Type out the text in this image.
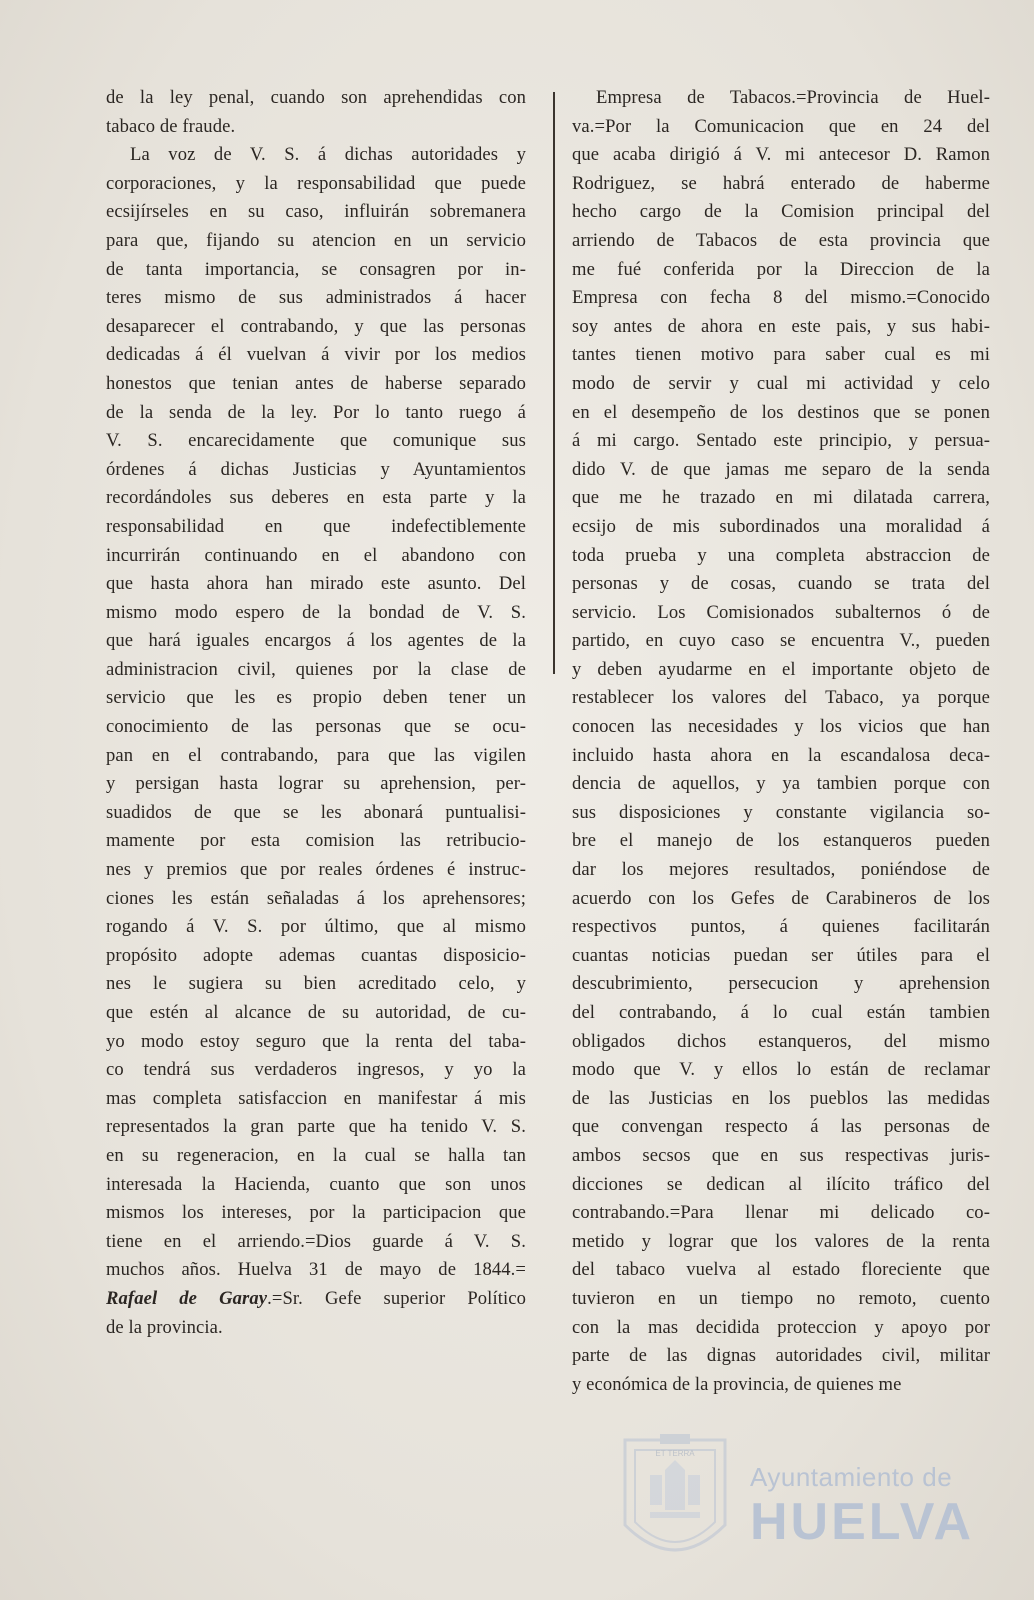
de la ley penal, cuando son aprehendidas con
tabaco de fraude.
La voz de V. S. á dichas autoridades y
corporaciones, y la responsabilidad que puede
ecsijírseles en su caso, influirán sobremanera
para que, fijando su atencion en un servicio
de tanta importancia, se consagren por in-
teres mismo de sus administrados á hacer
desaparecer el contrabando, y que las personas
dedicadas á él vuelvan á vivir por los medios
honestos que tenian antes de haberse separado
de la senda de la ley. Por lo tanto ruego á
V. S. encarecidamente que comunique sus
órdenes á dichas Justicias y Ayuntamientos
recordándoles sus deberes en esta parte y la
responsabilidad en que indefectiblemente
incurrirán continuando en el abandono con
que hasta ahora han mirado este asunto. Del
mismo modo espero de la bondad de V. S.
que hará iguales encargos á los agentes de la
administracion civil, quienes por la clase de
servicio que les es propio deben tener un
conocimiento de las personas que se ocu-
pan en el contrabando, para que las vigilen
y persigan hasta lograr su aprehension, per-
suadidos de que se les abonará puntualisi-
mamente por esta comision las retribucio-
nes y premios que por reales órdenes é instruc-
ciones les están señaladas á los aprehensores;
rogando á V. S. por último, que al mismo
propósito adopte ademas cuantas disposicio-
nes le sugiera su bien acreditado celo, y
que estén al alcance de su autoridad, de cu-
yo modo estoy seguro que la renta del taba-
co tendrá sus verdaderos ingresos, y yo la
mas completa satisfaccion en manifestar á mis
representados la gran parte que ha tenido V. S.
en su regeneracion, en la cual se halla tan
interesada la Hacienda, cuanto que son unos
mismos los intereses, por la participacion que
tiene en el arriendo.=Dios guarde á V. S.
muchos años. Huelva 31 de mayo de 1844.=
Rafael de Garay.=Sr. Gefe superior Político
de la provincia.
Empresa de Tabacos.=Provincia de Huel-
va.=Por la Comunicacion que en 24 del
que acaba dirigió á V. mi antecesor D. Ramon
Rodriguez, se habrá enterado de haberme
hecho cargo de la Comision principal del
arriendo de Tabacos de esta provincia que
me fué conferida por la Direccion de la
Empresa con fecha 8 del mismo.=Conocido
soy antes de ahora en este pais, y sus habi-
tantes tienen motivo para saber cual es mi
modo de servir y cual mi actividad y celo
en el desempeño de los destinos que se ponen
á mi cargo. Sentado este principio, y persua-
dido V. de que jamas me separo de la senda
que me he trazado en mi dilatada carrera,
ecsijo de mis subordinados una moralidad á
toda prueba y una completa abstraccion de
personas y de cosas, cuando se trata del
servicio. Los Comisionados subalternos ó de
partido, en cuyo caso se encuentra V., pueden
y deben ayudarme en el importante objeto de
restablecer los valores del Tabaco, ya porque
conocen las necesidades y los vicios que han
incluido hasta ahora en la escandalosa deca-
dencia de aquellos, y ya tambien porque con
sus disposiciones y constante vigilancia so-
bre el manejo de los estanqueros pueden
dar los mejores resultados, poniéndose de
acuerdo con los Gefes de Carabineros de los
respectivos puntos, á quienes facilitarán
cuantas noticias puedan ser útiles para el
descubrimiento, persecucion y aprehension
del contrabando, á lo cual están tambien
obligados dichos estanqueros, del mismo
modo que V. y ellos lo están de reclamar
de las Justicias en los pueblos las medidas
que convengan respecto á las personas de
ambos secsos que en sus respectivas juris-
dicciones se dedican al ilícito tráfico del
contrabando.=Para llenar mi delicado co-
metido y lograr que los valores de la renta
del tabaco vuelva al estado floreciente que
tuvieron en un tiempo no remoto, cuento
con la mas decidida proteccion y apoyo por
parte de las dignas autoridades civil, militar
y económica de la provincia, de quienes me
ET TERRA
Ayuntamiento de
HUELVA
